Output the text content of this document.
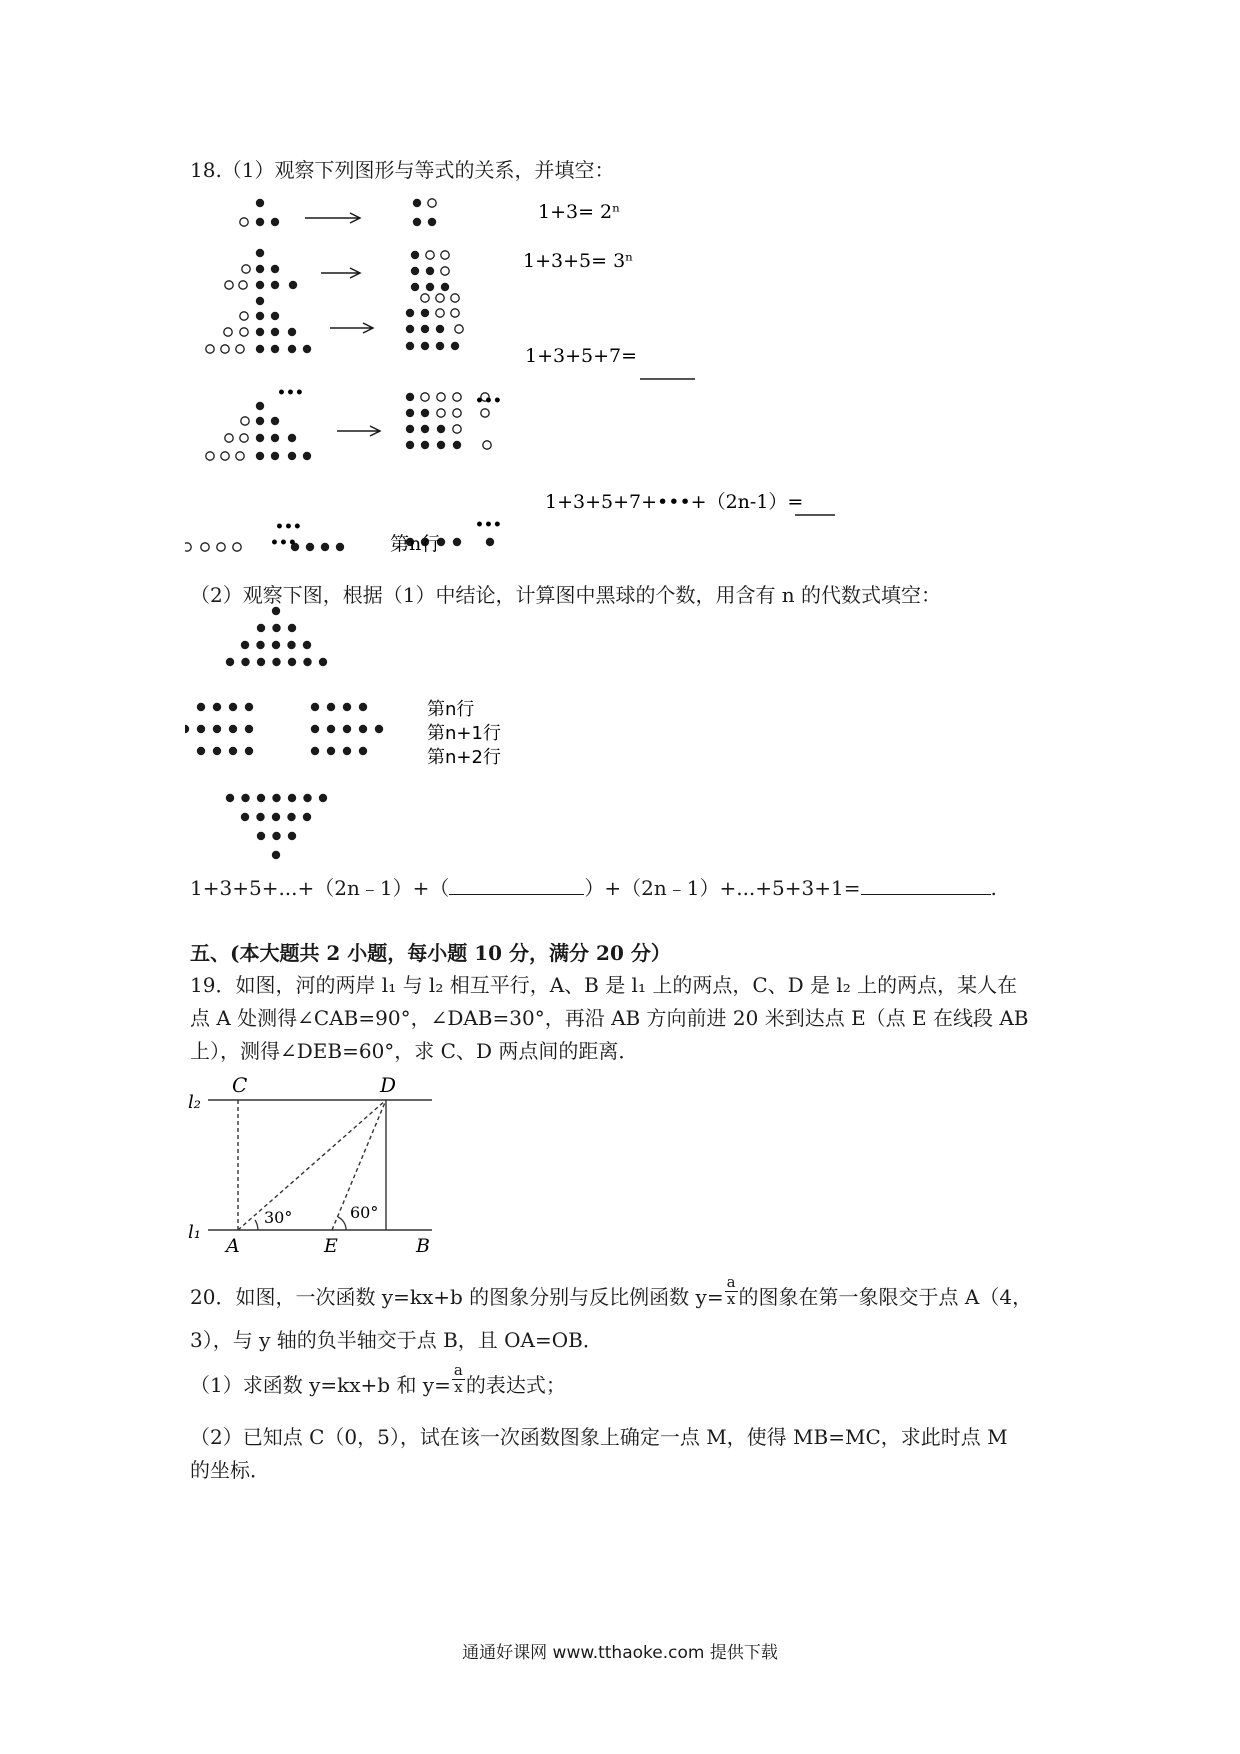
18.（1）观察下列图形与等式的关系，并填空：
1+3= 2ⁿ
1+3+5= 3ⁿ
1+3+5+7=
1+3+5+7+•••+（2n-1）=
第n行
•••
•••
•••
•••
•••
（2）观察下图，根据（1）中结论，计算图中黑球的个数，用含有 n 的代数式填空：
第n行
第n+1行
第n+2行
1+3+5+...+（2n﹣1）+（	）+（2n﹣1）+...+5+3+1=	.
五、(本大题共 2 小题，每小题 10 分，满分 20 分）
19．如图，河的两岸 l₁ 与 l₂ 相互平行，A、B 是 l₁ 上的两点，C、D 是 l₂ 上的两点，某人在
点 A 处测得∠CAB=90°，∠DAB=30°，再沿 AB 方向前进 20 米到达点 E（点 E 在线段 AB
上），测得∠DEB=60°，求 C、D 两点间的距离．
C	D
l₂
l₁
A	E	B
30°	60°
20．如图，一次函数 y=kx+b 的图象分别与反比例函数 $y= \frac{a}{x}$ 的图象在第一象限交于点 A（4，
3），与 y 轴的负半轴交于点 B，且 OA=OB．
（1）求函数 y=kx+b 和 $y= \frac{a}{x}$ 的表达式；
（2）已知点 C（0，5），试在该一次函数图象上确定一点 M，使得 MB=MC，求此时点 M
的坐标．
通通好课网 www.tthaoke.com 提供下载
